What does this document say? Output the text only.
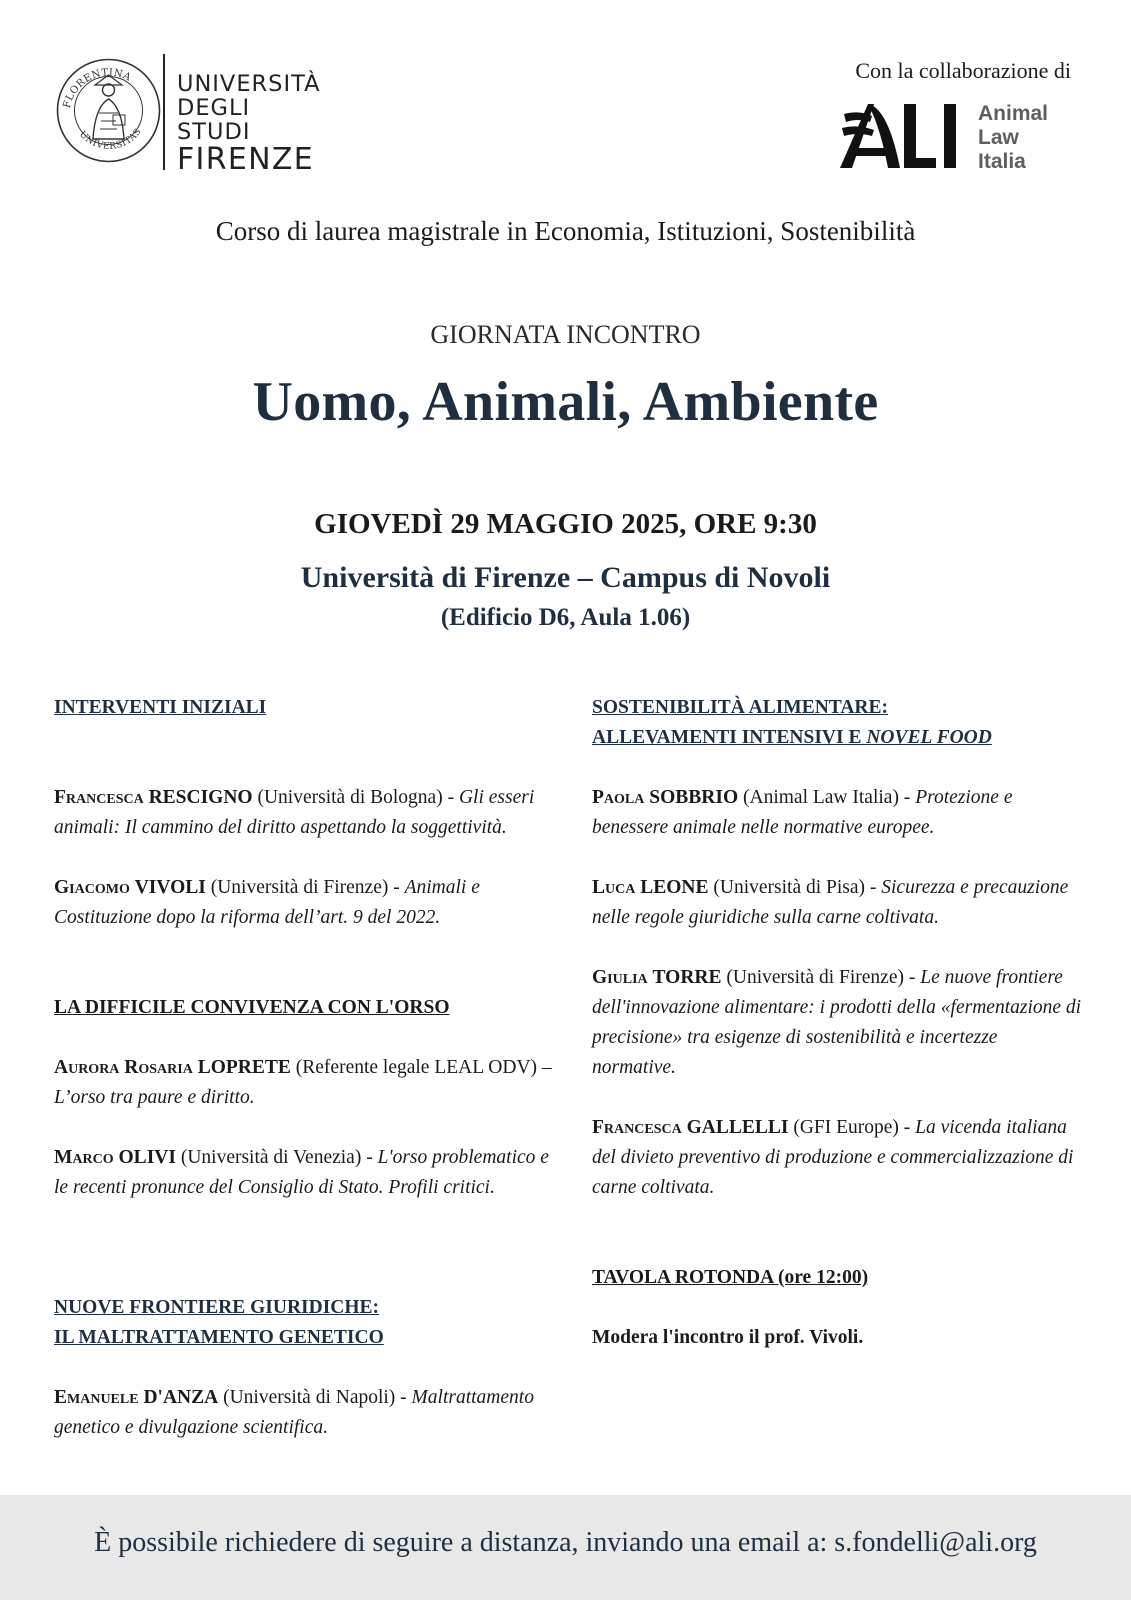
FLORENTINA
UNIVERSITAS
UNIVERSITÀ
DEGLI STUDI
FIRENZE
Con la collaborazione di
Animal
Law
Italia
Corso di laurea magistrale in Economia, Istituzioni, Sostenibilità
GIORNATA INCONTRO
Uomo, Animali, Ambiente
GIOVEDÌ 29 MAGGIO 2025, ORE 9:30
Università di Firenze – Campus di Novoli
(Edificio D6, Aula 1.06)
INTERVENTI INIZIALI
Francesca RESCIGNO (Università di Bologna) - Gli esseri animali: Il cammino del diritto aspettando la soggettività.
Giacomo VIVOLI (Università di Firenze) - Animali e Costituzione dopo la riforma dell’art. 9 del 2022.
LA DIFFICILE CONVIVENZA CON L'ORSO
Aurora Rosaria LOPRETE (Referente legale LEAL ODV) – L’orso tra paure e diritto.
Marco OLIVI (Università di Venezia) - L'orso problematico e le recenti pronunce del Consiglio di Stato. Profili critici.
NUOVE FRONTIERE GIURIDICHE:
IL MALTRATTAMENTO GENETICO
Emanuele D'ANZA (Università di Napoli) - Maltrattamento genetico e divulgazione scientifica.
SOSTENIBILITÀ ALIMENTARE:
ALLEVAMENTI INTENSIVI E NOVEL FOOD
Paola SOBBRIO (Animal Law Italia) - Protezione e benessere animale nelle normative europee.
Luca LEONE (Università di Pisa) - Sicurezza e precauzione nelle regole giuridiche sulla carne coltivata.
Giulia TORRE (Università di Firenze) - Le nuove frontiere dell'innovazione alimentare: i prodotti della «fermentazione di precisione» tra esigenze di sostenibilità e incertezze normative.
Francesca GALLELLI (GFI Europe) - La vicenda italiana del divieto preventivo di produzione e commercializzazione di carne coltivata.
TAVOLA ROTONDA (ore 12:00)
Modera l'incontro il prof. Vivoli.
È possibile richiedere di seguire a distanza, inviando una email a: s.fondelli@ali.org
